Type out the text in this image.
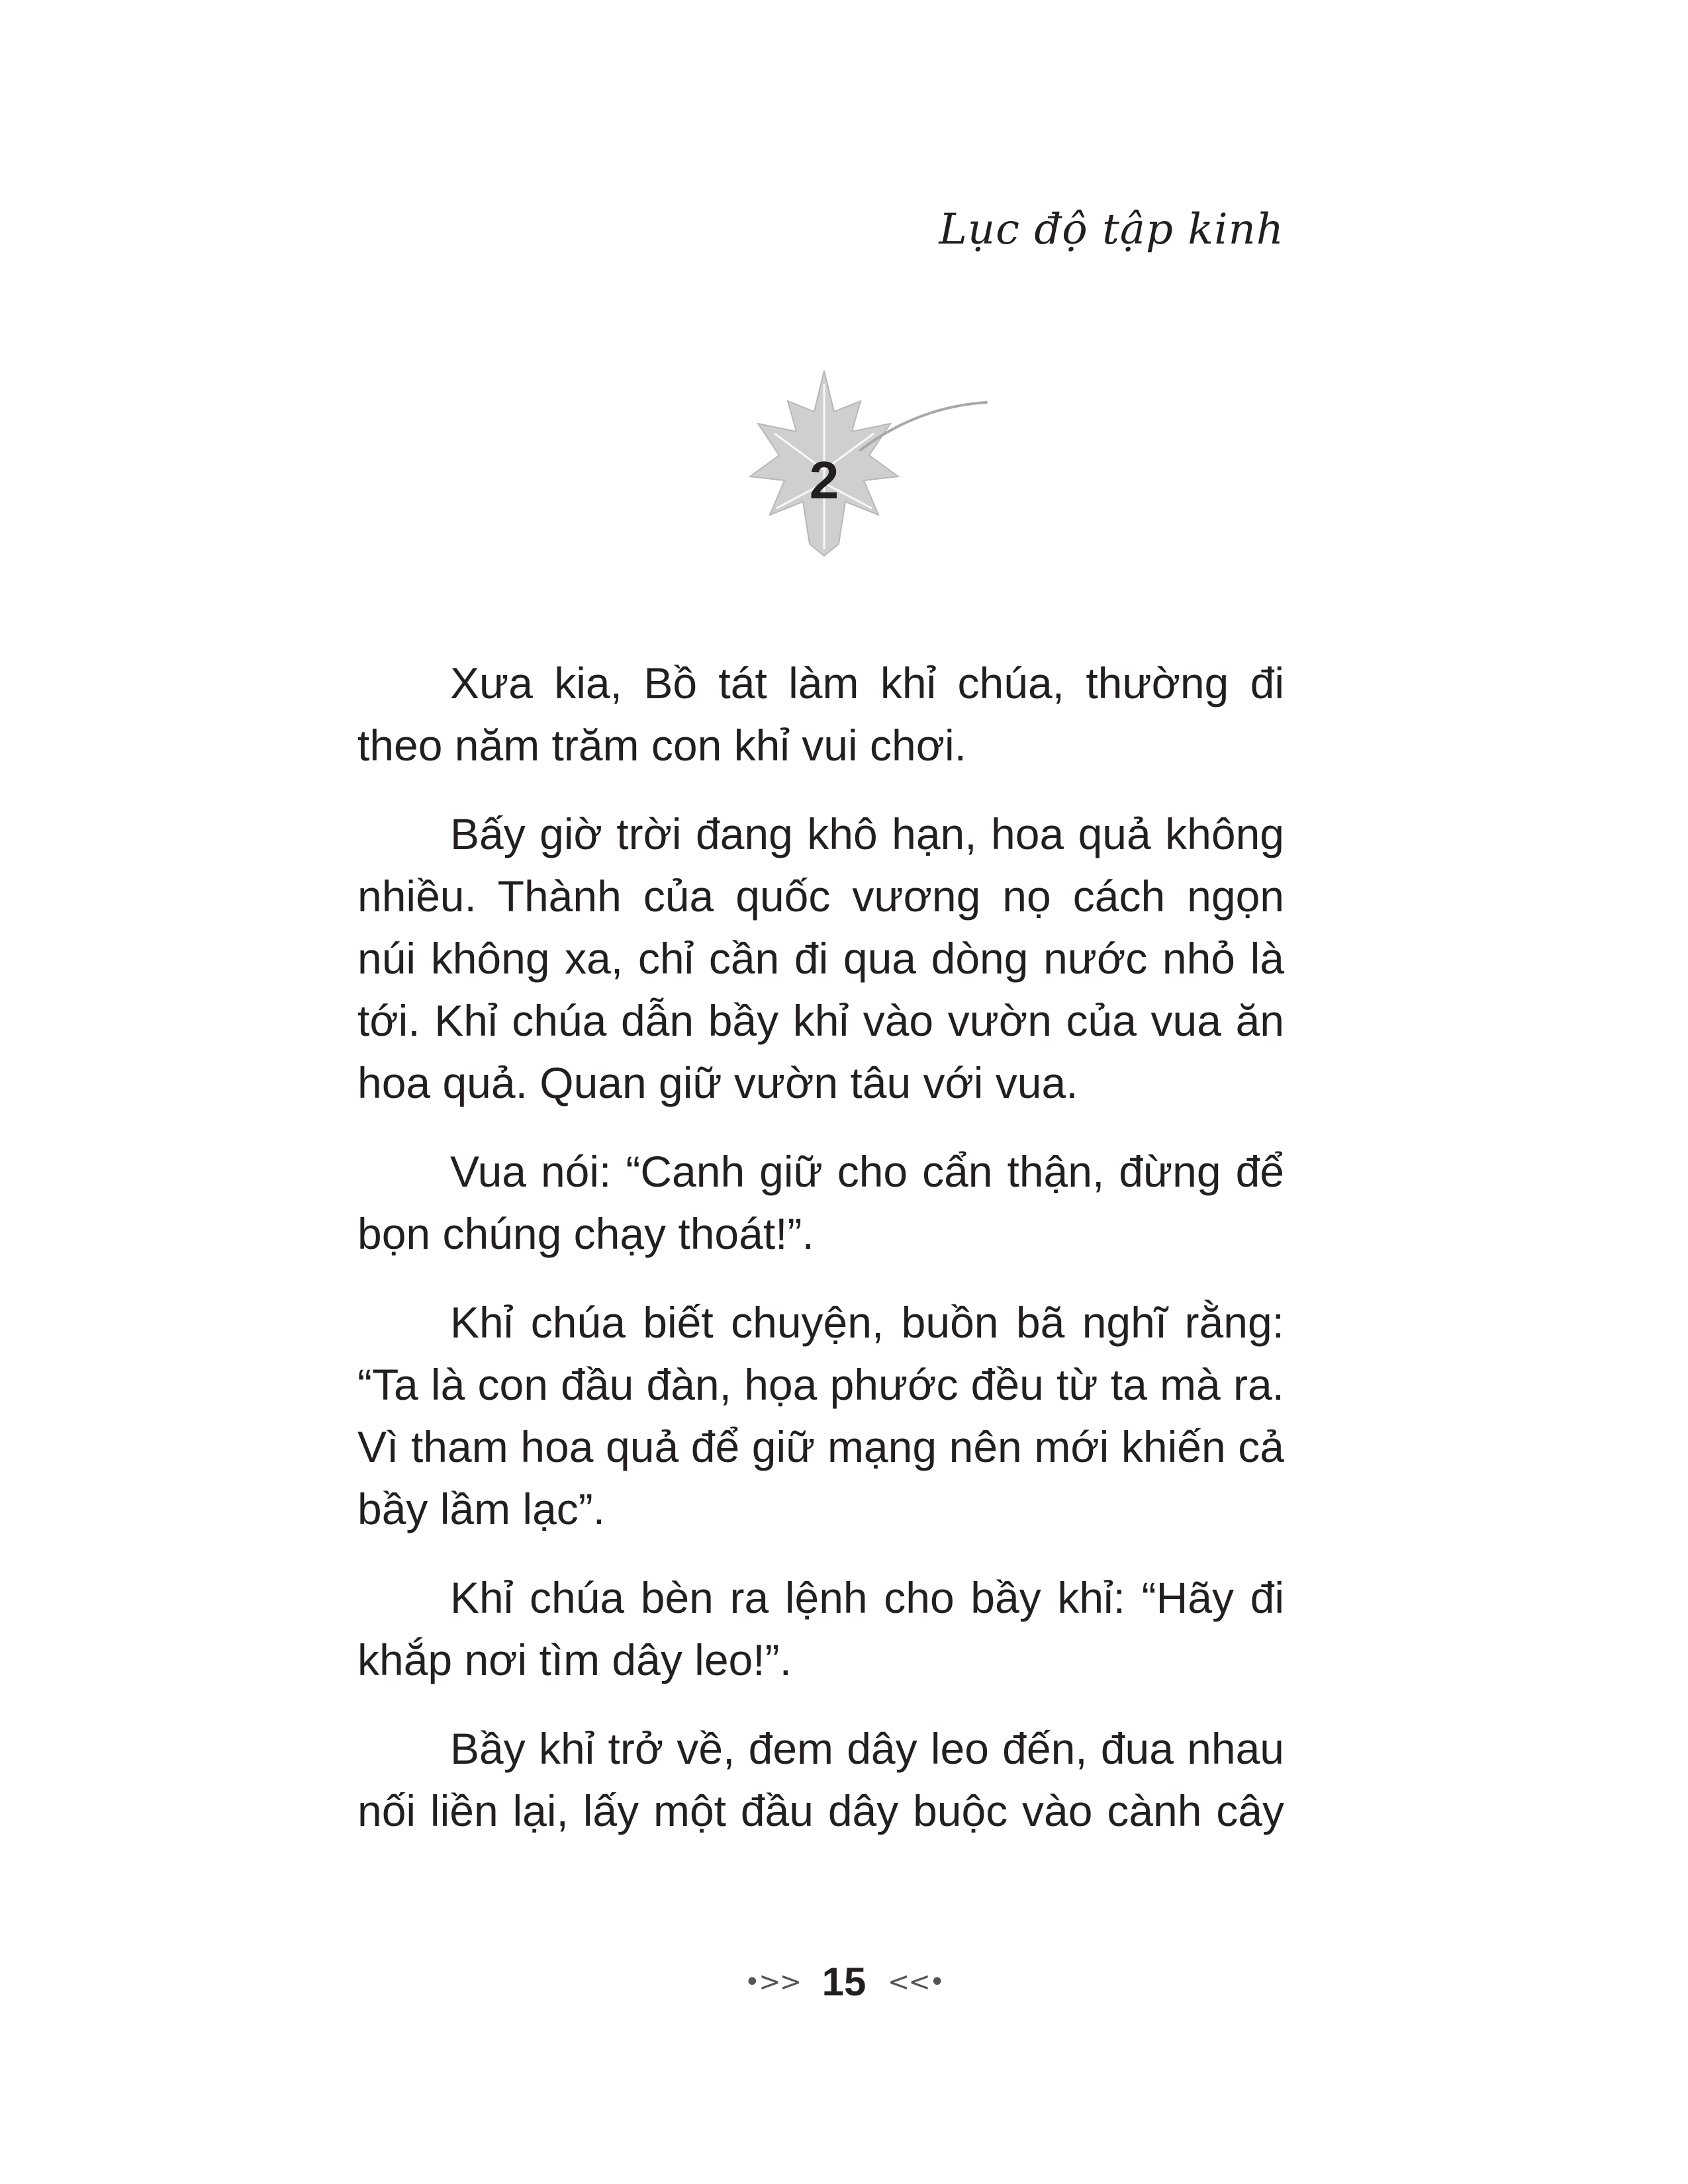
Lục độ tập kinh
2

Xưa kia, Bồ tát làm khỉ chúa, thường đi theo năm trăm con khỉ vui chơi.

Bấy giờ trời đang khô hạn, hoa quả không nhiều. Thành của quốc vương nọ cách ngọn núi không xa, chỉ cần đi qua dòng nước nhỏ là tới. Khỉ chúa dẫn bầy khỉ vào vườn của vua ăn hoa quả. Quan giữ vườn tâu với vua.

Vua nói: “Canh giữ cho cẩn thận, đừng để bọn chúng chạy thoát!”.

Khỉ chúa biết chuyện, buồn bã nghĩ rằng: “Ta là con đầu đàn, họa phước đều từ ta mà ra. Vì tham hoa quả để giữ mạng nên mới khiến cả bầy lầm lạc”.

Khỉ chúa bèn ra lệnh cho bầy khỉ: “Hãy đi khắp nơi tìm dây leo!”.

Bầy khỉ trở về, đem dây leo đến, đua nhau nối liền lại, lấy một đầu dây buộc vào cành cây

•>> 15 <<•
